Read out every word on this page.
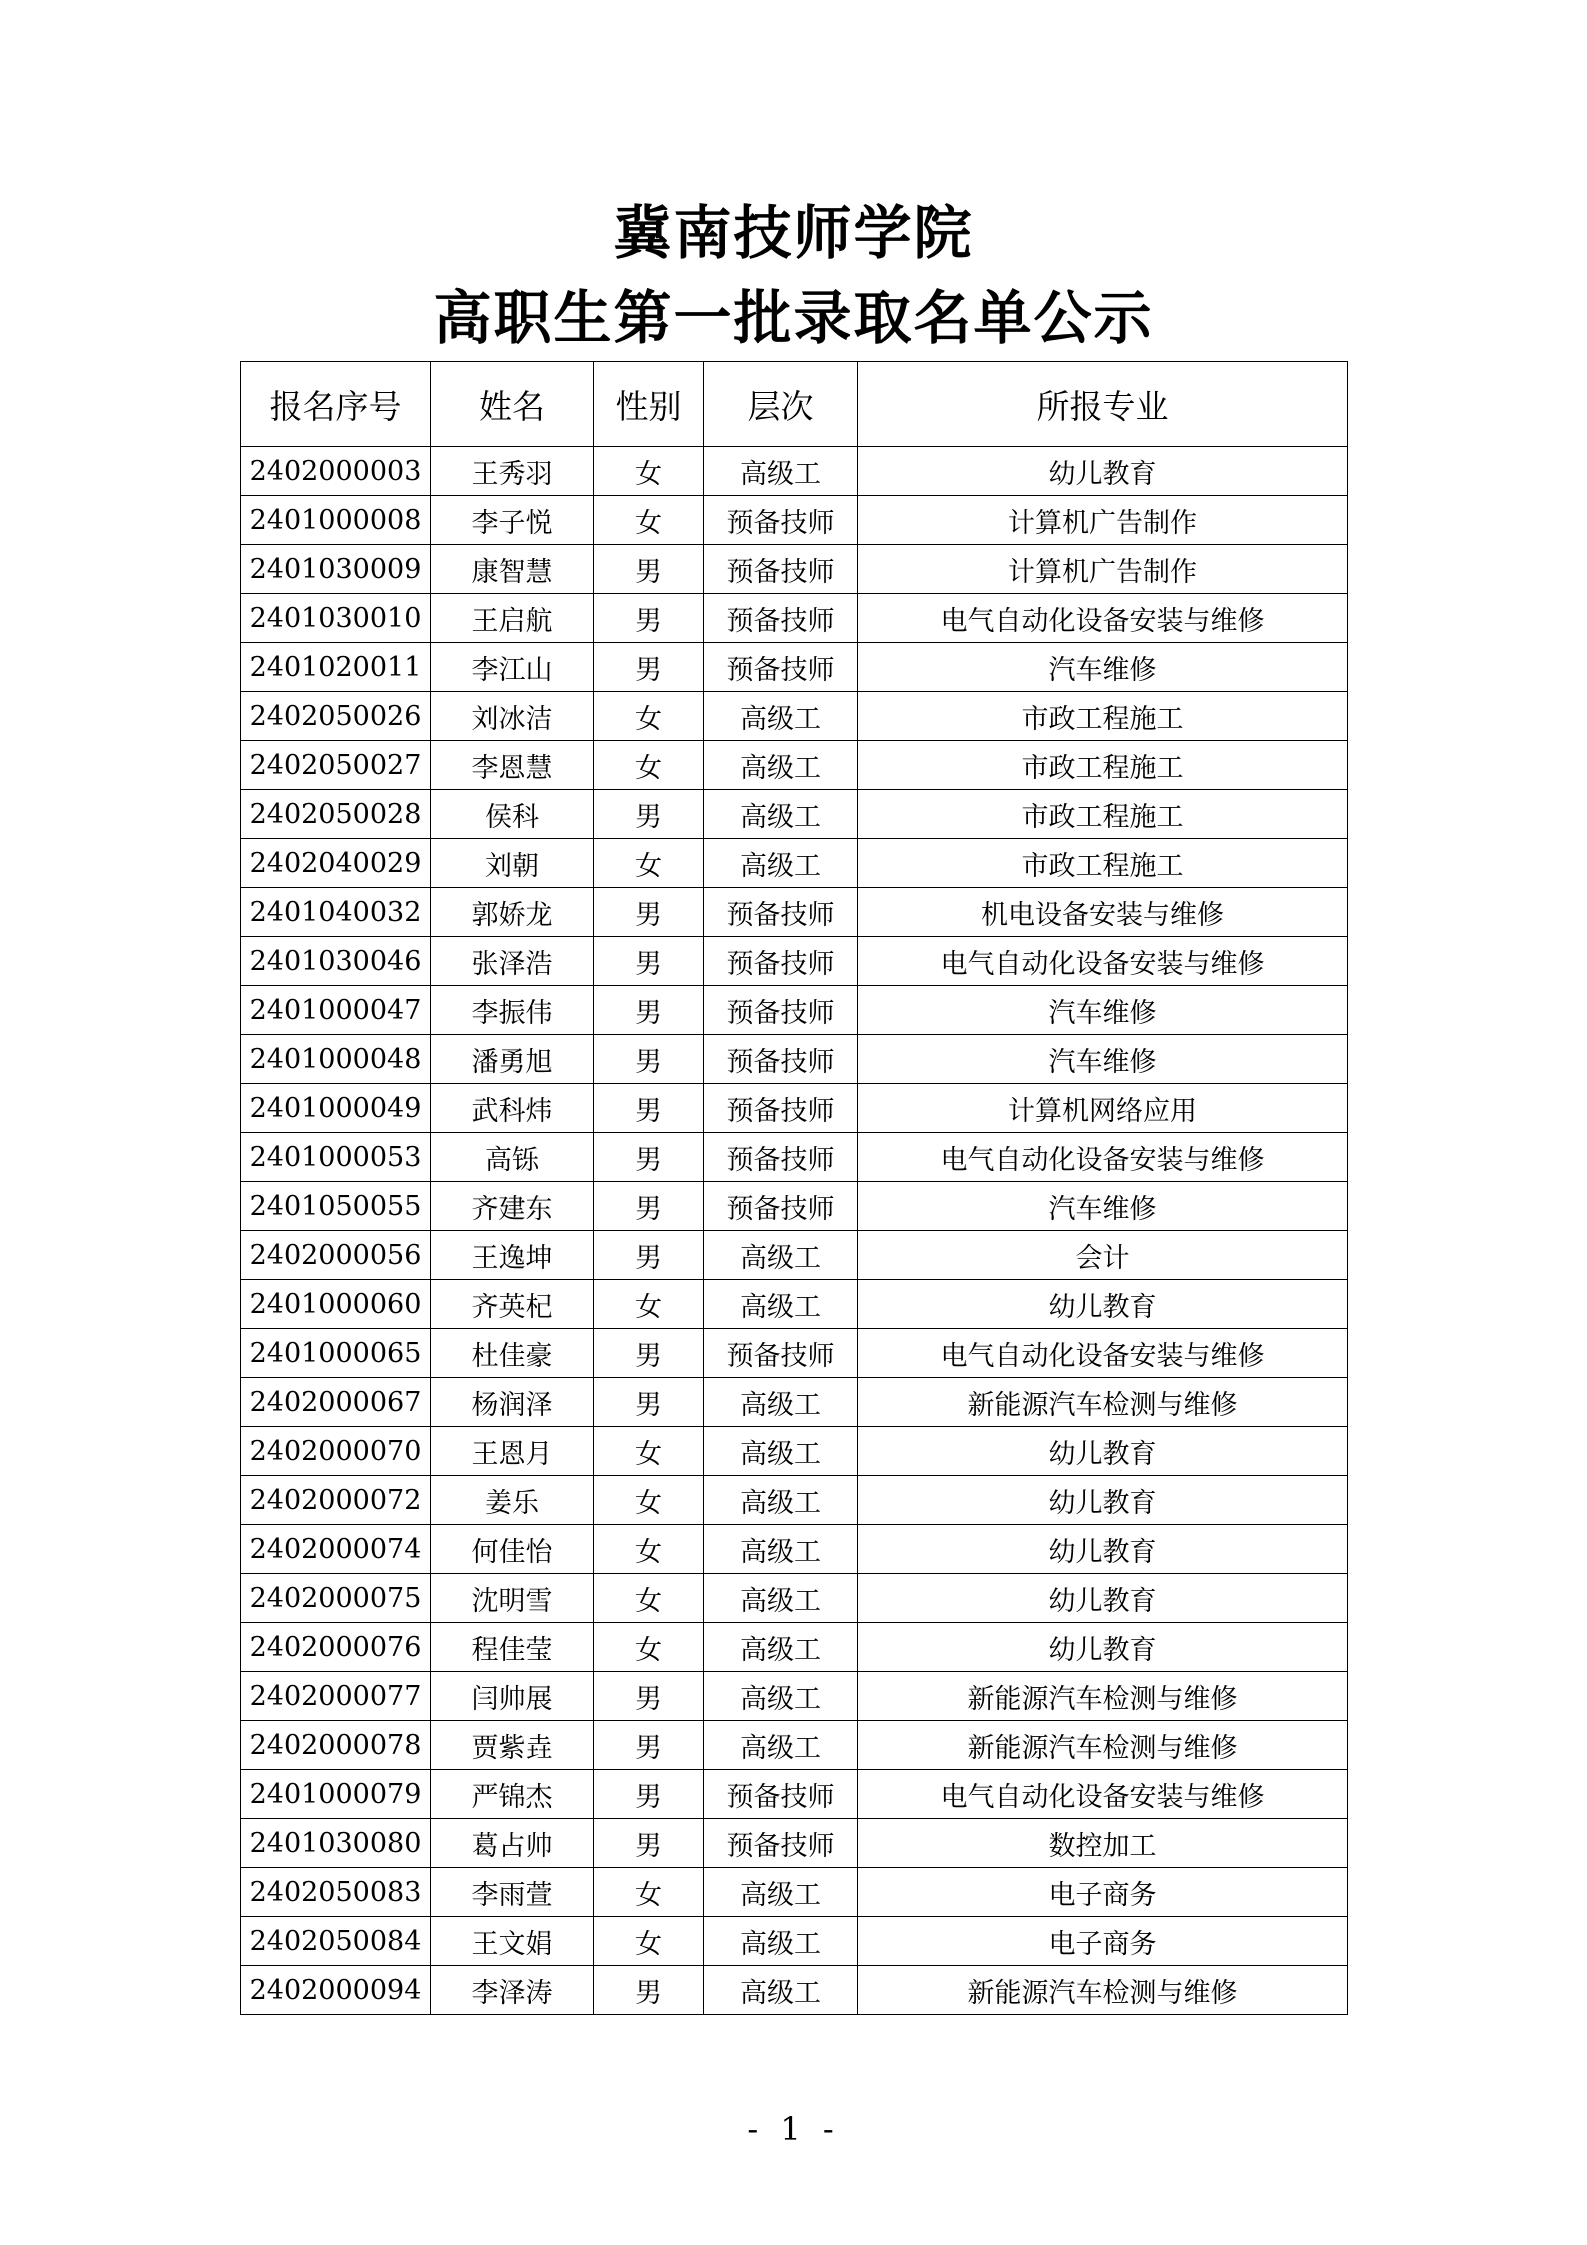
冀南技师学院
高职生第一批录取名单公示
报名序号	姓名	性别	层次	所报专业
2402000003	王秀羽	女	高级工	幼儿教育
2401000008	李子悦	女	预备技师	计算机广告制作
2401030009	康智慧	男	预备技师	计算机广告制作
2401030010	王启航	男	预备技师	电气自动化设备安装与维修
2401020011	李江山	男	预备技师	汽车维修
2402050026	刘冰洁	女	高级工	市政工程施工
2402050027	李恩慧	女	高级工	市政工程施工
2402050028	侯科	男	高级工	市政工程施工
2402040029	刘朝	女	高级工	市政工程施工
2401040032	郭娇龙	男	预备技师	机电设备安装与维修
2401030046	张泽浩	男	预备技师	电气自动化设备安装与维修
2401000047	李振伟	男	预备技师	汽车维修
2401000048	潘勇旭	男	预备技师	汽车维修
2401000049	武科炜	男	预备技师	计算机网络应用
2401000053	高铄	男	预备技师	电气自动化设备安装与维修
2401050055	齐建东	男	预备技师	汽车维修
2402000056	王逸坤	男	高级工	会计
2401000060	齐英杞	女	高级工	幼儿教育
2401000065	杜佳豪	男	预备技师	电气自动化设备安装与维修
2402000067	杨润泽	男	高级工	新能源汽车检测与维修
2402000070	王恩月	女	高级工	幼儿教育
2402000072	姜乐	女	高级工	幼儿教育
2402000074	何佳怡	女	高级工	幼儿教育
2402000075	沈明雪	女	高级工	幼儿教育
2402000076	程佳莹	女	高级工	幼儿教育
2402000077	闫帅展	男	高级工	新能源汽车检测与维修
2402000078	贾紫垚	男	高级工	新能源汽车检测与维修
2401000079	严锦杰	男	预备技师	电气自动化设备安装与维修
2401030080	葛占帅	男	预备技师	数控加工
2402050083	李雨萱	女	高级工	电子商务
2402050084	王文娟	女	高级工	电子商务
2402000094	李泽涛	男	高级工	新能源汽车检测与维修
- 1 -
